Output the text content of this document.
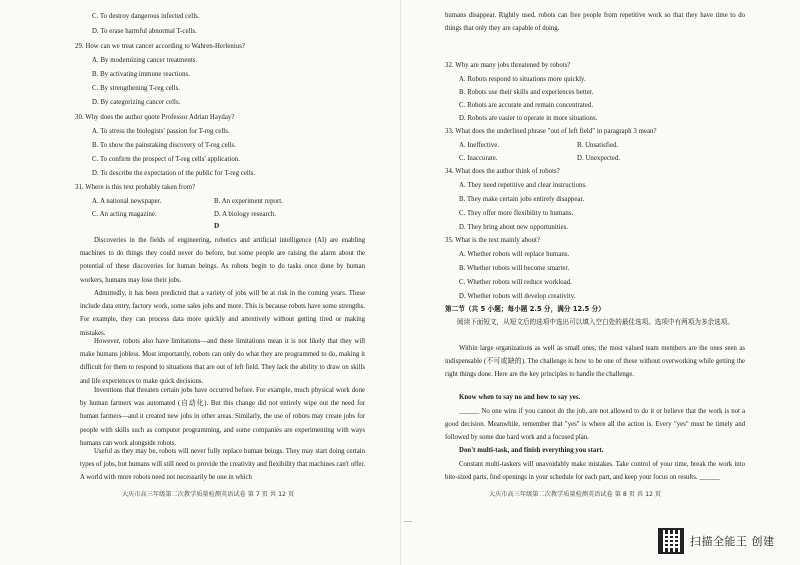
C. To destroy dangerous infected cells.
D. To erase harmful abnormal T-cells.
29. How can we treat cancer according to Wahren-Herlenius?
A. By modernizing cancer treatments.
B. By activating immune reactions.
C. By strengthening T-reg cells.
D. By categorizing cancer cells.
30. Why does the author quote Professor Adrian Hayday?
A. To stress the biologists' passion for T-reg cells.
B. To show the painstaking discovery of T-reg cells.
C. To confirm the prospect of T-reg cells' application.
D. To describe the expectation of the public for T-reg cells.
31. Where is this text probably taken from?
A. A national newspaper.	B. An experiment report.
C. An acting magazine.	D. A biology research.
D
Discoveries in the fields of engineering, robotics and artificial intelligence (AI) are enabling machines to do things they could never do before, but some people are raising the alarm about the potential of these discoveries for human beings. As robots begin to do tasks once done by human workers, humans may lose their jobs.
Admittedly, it has been predicted that a variety of jobs will be at risk in the coming years. These include data entry, factory work, some sales jobs and more. This is because robots have some strengths. For example, they can process data more quickly and attentively without getting tired or making mistakes.
However, robots also have limitations—and these limitations mean it is not likely that they will make humans jobless. Most importantly, robots can only do what they are programmed to do, making it difficult for them to respond to situations that are out of left field. They lack the ability to draw on skills and life experiences to make quick decisions.
Inventions that threaten certain jobs have occurred before. For example, much physical work done by human farmers was automated (自动化). But this change did not entirely wipe out the need for human farmers—and it created new jobs in other areas. Similarly, the use of robots may create jobs for people with skills such as computer programming, and some companies are experimenting with ways humans can work alongside robots.
Useful as they may be, robots will never fully replace human beings. They may start doing certain types of jobs, but humans will still need to provide the creativity and flexibility that machines can't offer. A world with more robots need not necessarily be one in which
大庆市高三年级第二次教学质量检测英语试卷 第 7 页 共 12 页
humans disappear. Rightly used, robots can free people from repetitive work so that they have time to do things that only they are capable of doing.
32. Why are many jobs threatened by robots?
A. Robots respond to situations more quickly.
B. Robots use their skills and experiences better.
C. Robots are accurate and remain concentrated.
D. Robots are easier to operate in more situations.
33. What does the underlined phrase "out of left field" in paragraph 3 mean?
A. Ineffective.	B. Unsatisfied.
C. Inaccurate.	D. Unexpected.
34. What does the author think of robots?
A. They need repetitive and clear instructions.
B. They make certain jobs entirely disappear.
C. They offer more flexibility to humans.
D. They bring about new opportunities.
35. What is the text mainly about?
A. Whether robots will replace humans.
B. Whether robots will become smarter.
C. Whether robots will reduce workload.
D. Whether robots will develop creativity.
第二节（共 5 小题；每小题 2.5 分，满分 12.5 分）
阅读下面短文，从短文后的选项中选出可以填入空白处的最佳选项。选项中有两项为多余选项。
Within large organizations as well as small ones, the most valued team members are the ones seen as indispensable (不可或缺的). The challenge is how to be one of these without overworking while getting the right things done. Here are the key principles to handle the challenge.
Know when to say no and how to say yes.
______ No one wins if you cannot do the job, are not allowed to do it or believe that the work is not a good decision. Meanwhile, remember that "yes" is where all the action is. Every "yes" must be timely and followed by some due hard work and a focused plan.
Don't multi-task, and finish everything you start.
Constant multi-taskers will unavoidably make mistakes. Take control of your time, break the work into bite-sized parts, find openings in your schedule for each part, and keep your focus on results. ______
大庆市高三年级第二次教学质量检测英语试卷 第 8 页 共 12 页
—
扫描全能王 创建
